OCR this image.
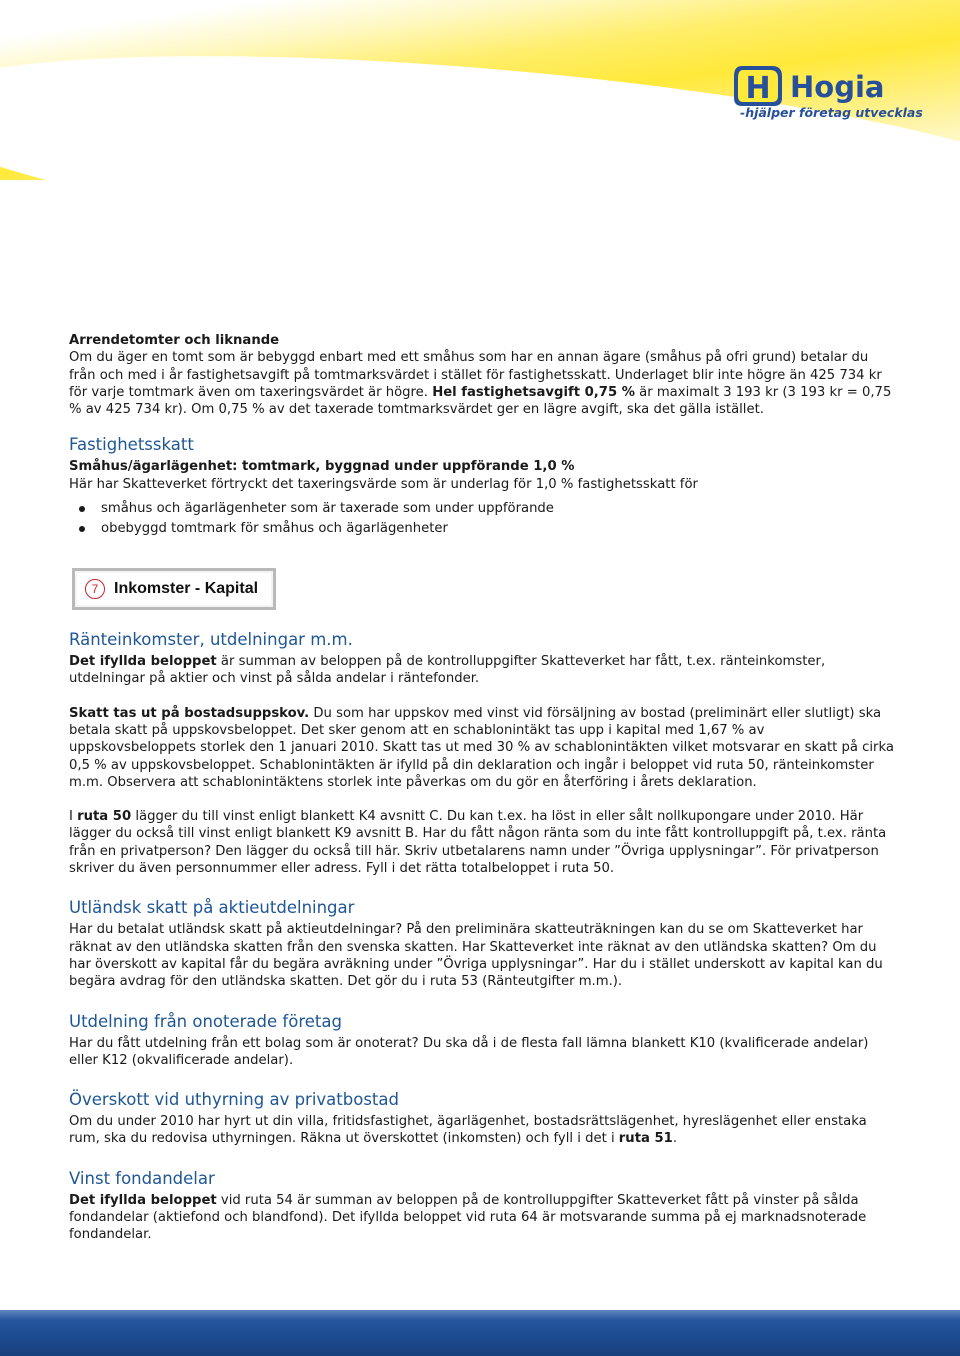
H Hogia
-hjälper företag utvecklas

Arrendetomter och liknande

Om du äger en tomt som är bebyggd enbart med ett småhus som har en annan ägare (småhus på ofri grund) betalar du från och med i år fastighetsavgift på tomtmarksvärdet i stället för fastighetsskatt. Underlaget blir inte högre än 425 734 kr för varje tomtmark även om taxeringsvärdet är högre. Hel fastighetsavgift 0,75 % är maximalt 3 193 kr (3 193 kr = 0,75 % av 425 734 kr). Om 0,75 % av det taxerade tomtmarksvärdet ger en lägre avgift, ska det gälla istället.

Fastighetsskatt

Småhus/ägarlägenhet: tomtmark, byggnad under uppförande 1,0 %

Här har Skatteverket förtryckt det taxeringsvärde som är underlag för 1,0 % fastighetsskatt för

småhus och ägarlägenheter som är taxerade som under uppförande
obebyggd tomtmark för småhus och ägarlägenheter
Ränteinkomster, utdelningar m.m.

Det ifyllda beloppet är summan av beloppen på de kontrolluppgifter Skatteverket har fått, t.ex. ränteinkomster, utdelningar på aktier och vinst på sålda andelar i räntefonder.

Skatt tas ut på bostadsuppskov. Du som har uppskov med vinst vid försäljning av bostad (preliminärt eller slutligt) ska betala skatt på uppskovsbeloppet. Det sker genom att en schablonintäkt tas upp i kapital med 1,67 % av uppskovsbeloppets storlek den 1 januari 2010. Skatt tas ut med 30 % av schablonintäkten vilket motsvarar en skatt på cirka 0,5 % av uppskovsbeloppet. Schablonintäkten är ifylld på din deklaration och ingår i beloppet vid ruta 50, ränteinkomster m.m. Observera att schablonintäktens storlek inte påverkas om du gör en återföring i årets deklaration.

I ruta 50 lägger du till vinst enligt blankett K4 avsnitt C. Du kan t.ex. ha löst in eller sålt nollkupongare under 2010. Här lägger du också till vinst enligt blankett K9 avsnitt B. Har du fått någon ränta som du inte fått kontrolluppgift på, t.ex. ränta från en privatperson? Den lägger du också till här. Skriv utbetalarens namn under ”Övriga upplysningar”. För privatperson skriver du även personnummer eller adress. Fyll i det rätta totalbeloppet i ruta 50.

Utländsk skatt på aktieutdelningar

Har du betalat utländsk skatt på aktieutdelningar? På den preliminära skatteuträkningen kan du se om Skatteverket har räknat av den utländska skatten från den svenska skatten. Har Skatteverket inte räknat av den utländska skatten? Om du har överskott av kapital får du begära avräkning under ”Övriga upplysningar”. Har du i stället underskott av kapital kan du begära avdrag för den utländska skatten. Det gör du i ruta 53 (Ränteutgifter m.m.).

Utdelning från onoterade företag

Har du fått utdelning från ett bolag som är onoterat? Du ska då i de flesta fall lämna blankett K10 (kvalificerade andelar) eller K12 (okvalificerade andelar).

Överskott vid uthyrning av privatbostad

Om du under 2010 har hyrt ut din villa, fritidsfastighet, ägarlägenhet, bostadsrättslägenhet, hyreslägenhet eller enstaka rum, ska du redovisa uthyrningen. Räkna ut överskottet (inkomsten) och fyll i det i ruta 51.

Vinst fondandelar

Det ifyllda beloppet vid ruta 54 är summan av beloppen på de kontrolluppgifter Skatteverket fått på vinster på sålda fondandelar (aktiefond och blandfond). Det ifyllda beloppet vid ruta 64 är motsvarande summa på ej marknadsnoterade fondandelar.

7 Inkomster - Kapital
